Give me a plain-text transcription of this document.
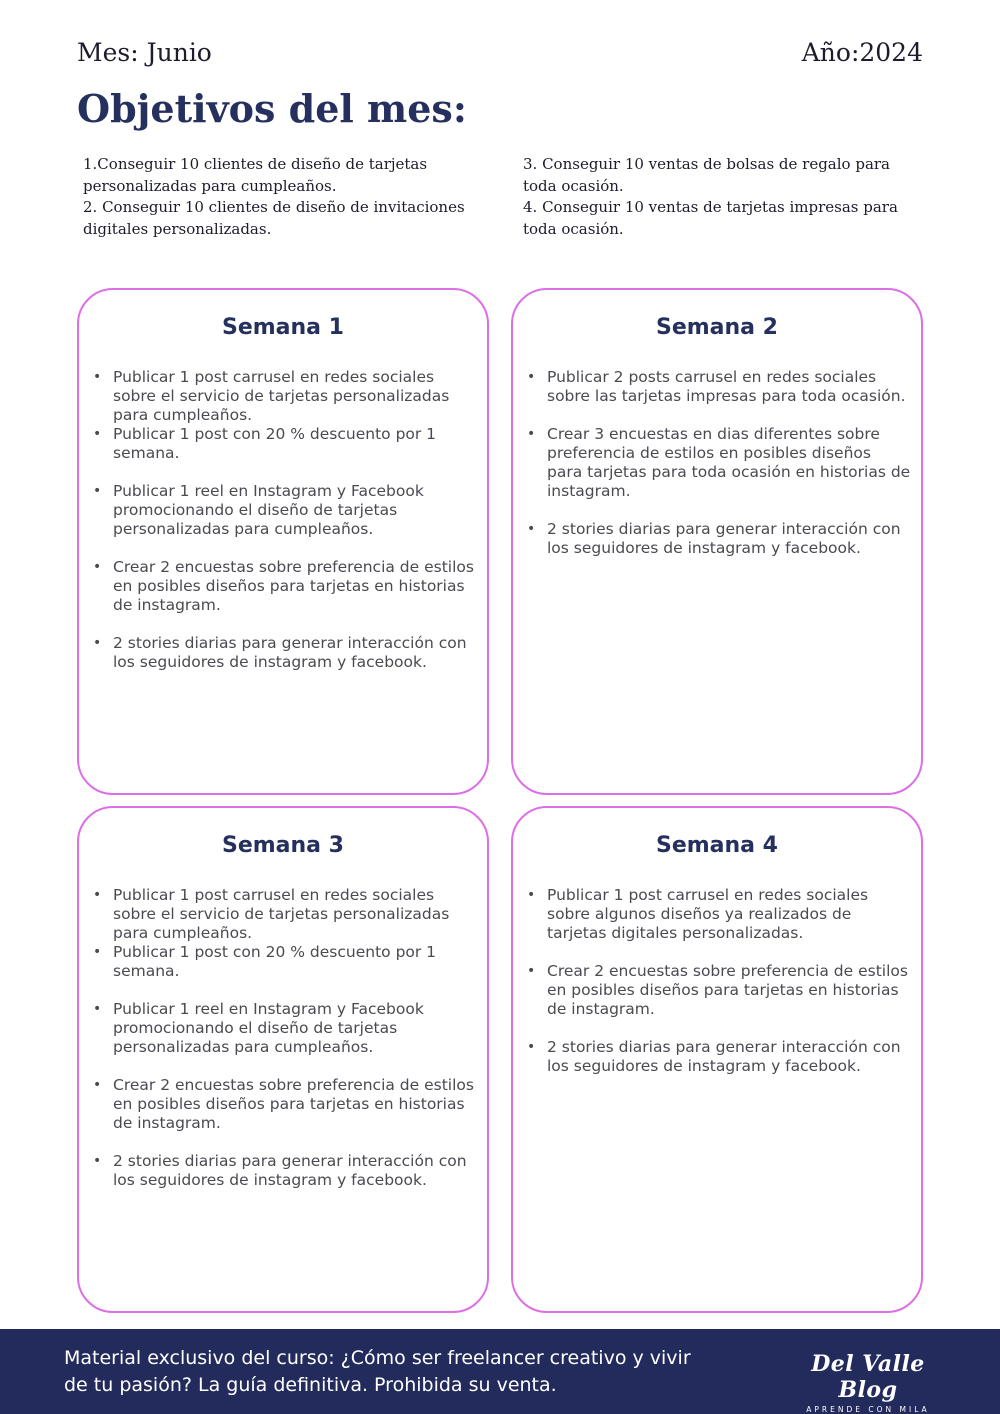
Mes: Junio	Año:2024
Objetivos del mes:
1.Conseguir 10 clientes de diseño de tarjetas personalizadas para cumpleaños.
2. Conseguir 10 clientes de diseño de invitaciones digitales personalizadas.
3. Conseguir 10 ventas de bolsas de regalo para toda ocasión.
4. Conseguir 10 ventas de tarjetas impresas para toda ocasión.
Semana 1
• Publicar 1 post carrusel en redes sociales sobre el servicio de tarjetas personalizadas para cumpleaños.
• Publicar 1 post con 20 % descuento por 1 semana.
• Publicar 1 reel en Instagram y Facebook promocionando el diseño de tarjetas personalizadas para cumpleaños.
• Crear 2 encuestas sobre preferencia de estilos en posibles diseños para tarjetas en historias de instagram.
• 2 stories diarias para generar interacción con los seguidores de instagram y facebook.
Semana 2
• Publicar 2 posts carrusel en redes sociales sobre las tarjetas impresas para toda ocasión.
• Crear 3 encuestas en dias diferentes sobre preferencia de estilos en posibles diseños para tarjetas para toda ocasión en historias de instagram.
• 2 stories diarias para generar interacción con los seguidores de instagram y facebook.
Semana 3
• Publicar 1 post carrusel en redes sociales sobre el servicio de tarjetas personalizadas para cumpleaños.
• Publicar 1 post con 20 % descuento por 1 semana.
• Publicar 1 reel en Instagram y Facebook promocionando el diseño de tarjetas personalizadas para cumpleaños.
• Crear 2 encuestas sobre preferencia de estilos en posibles diseños para tarjetas en historias de instagram.
• 2 stories diarias para generar interacción con los seguidores de instagram y facebook.
Semana 4
• Publicar 1 post carrusel en redes sociales sobre algunos diseños ya realizados de tarjetas digitales personalizadas.
• Crear 2 encuestas sobre preferencia de estilos en posibles diseños para tarjetas en historias de instagram.
• 2 stories diarias para generar interacción con los seguidores de instagram y facebook.
Material exclusivo del curso: ¿Cómo ser freelancer creativo y vivir de tu pasión? La guía definitiva. Prohibida su venta.
Del Valle Blog
APRENDE CON MILA
